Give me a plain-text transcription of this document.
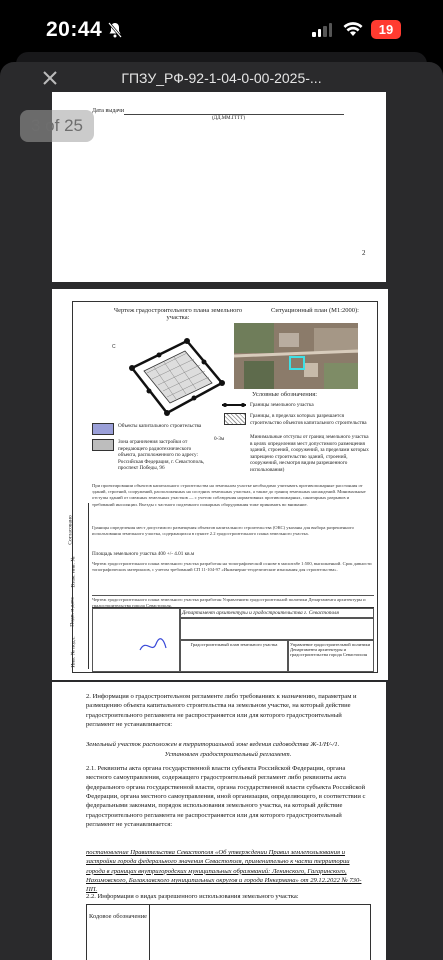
20:44	19
ГПЗУ_РФ-92-1-04-0-00-2025-...
Дата выдачи
(ДД.ММ.ГГГГ)
2
3 of 25
Чертеж градостроительного плана земельного участка:
Ситуационный план (М1:2000):
С
Условные обозначения:
Границы земельного участка
Границы, в пределах которых разрешается строительство объектов капитального строительства
0-3м	Минимальные отступы от границ земельного участка в целях определения мест допустимого размещения зданий, строений, сооружений, за пределами которых запрещено строительство зданий, строений, сооружений, несмотря видим разрешенного использования)
Объекты капитального строительства
Зона ограничения застройки от передающего радиотехнического объекта, расположенного по адресу: Российская Федерация, г. Севастополь, проспект Победы, 96
При проектировании объектов капитального строительства на земельном участке необходимо учитывать противопожарные расстояния от зданий, строений, сооружений, расположенных на соседних земельных участках, а также до границ земельных насаждений. Минимальные отступы зданий от смежных земельных участков — с учетом соблюдения нормативных противопожарных, санитарных разрывов и требований инсоляции. Въезды с частного подземного пожарных оборудования тоже принимать во внимание.
Границы определения мест допустимого размещения объектов капитального строительства (ОКС) указаны для выбора разрешенного использования земельного участка, содержащихся в пункте 2.2 градостроительного плана земельного участка.
Площадь земельного участка 400 +/- 4.01 кв.м
Чертеж градостроительного плана земельного участка разработан на топографической основе в масштабе 1:500, выполненной. Срок давности топографических материалов, с учетом требований СП 11-104-97 «Инженерно-геодезические изыскания для строительства».
Чертеж градостроительного плана земельного участка разработан Управлением градостроительной политики Департамента архитектуры и градостроительства города Севастополя.
Согласовано
Взам. инв. №
Подп. и дата
Инв. № подл.
Департамент архитектуры и градостроительства г. Севастополя
Градостроительный план земельного участка	Управление градостроительной политики Департамента архитектуры и градостроительства города Севастополя
2. Информация о градостроительном регламенте либо требованиях к назначению, параметрам и размещению объекта капитального строительства на земельном участке, на который действие градостроительного регламента не распространяется или для которого градостроительный регламент не устанавливается:
Земельный участок расположен в территориальной зоне ведения садоводства Ж-1/Н/-/1.
Установлен градостроительный регламент.
2.1. Реквизиты акта органа государственной власти субъекта Российской Федерации, органа местного самоуправления, содержащего градостроительный регламент либо реквизиты акта федерального органа государственной власти, органа государственной власти субъекта Российской Федерации, органа местного самоуправления, иной организации, определяющего, в соответствии с федеральными законами, порядок использования земельного участка, на который действие градостроительного регламента не распространяется или для которого градостроительный регламент не устанавливается:
постановление Правительства Севастополя «Об утверждении Правил землепользования и застройки города федерального значения Севастополя, применительно к части территории города в границах внутригородских муниципальных образований: Ленинского, Гагаринского, Нахимовского, Балаклавского муниципальных округов и города Инкермана» от 29.12.2022 № 730-ПП.
2.2. Информация о видах разрешенного использования земельного участка:
Кодовое обозначение
